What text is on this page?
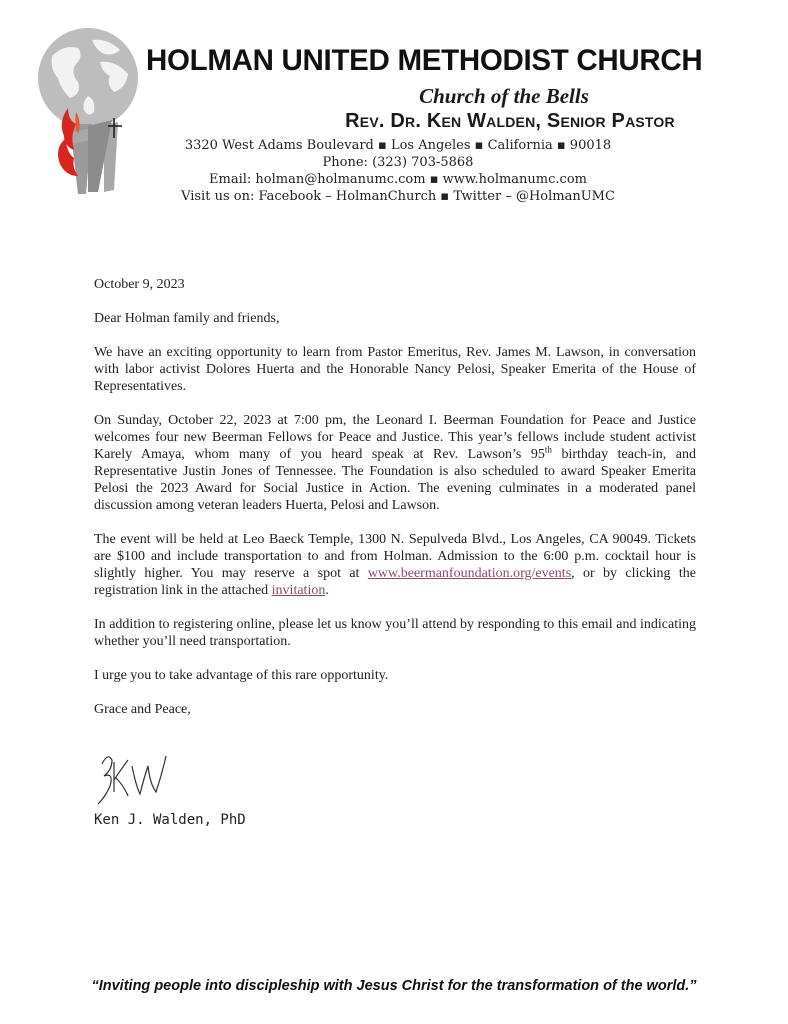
HOLMAN UNITED METHODIST CHURCH
Church of the Bells
Rev. Dr. Ken Walden, Senior Pastor
3320 West Adams Boulevard ▪ Los Angeles ▪ California ▪ 90018
Phone: (323) 703-5868
Email: holman@holmanumc.com ▪ www.holmanumc.com
Visit us on: Facebook – HolmanChurch ▪ Twitter – @HolmanUMC

October 9, 2023

Dear Holman family and friends,

We have an exciting opportunity to learn from Pastor Emeritus, Rev. James M. Lawson, in conversation with labor activist Dolores Huerta and the Honorable Nancy Pelosi, Speaker Emerita of the House of Representatives.

On Sunday, October 22, 2023 at 7:00 pm, the Leonard I. Beerman Foundation for Peace and Justice welcomes four new Beerman Fellows for Peace and Justice. This year’s fellows include student activist Karely Amaya, whom many of you heard speak at Rev. Lawson’s 95th birthday teach-in, and Representative Justin Jones of Tennessee. The Foundation is also scheduled to award Speaker Emerita Pelosi the 2023 Award for Social Justice in Action. The evening culminates in a moderated panel discussion among veteran leaders Huerta, Pelosi and Lawson.

The event will be held at Leo Baeck Temple, 1300 N. Sepulveda Blvd., Los Angeles, CA 90049. Tickets are $100 and include transportation to and from Holman. Admission to the 6:00 p.m. cocktail hour is slightly higher. You may reserve a spot at www.beermanfoundation.org/events, or by clicking the registration link in the attached invitation.

In addition to registering online, please let us know you’ll attend by responding to this email and indicating whether you’ll need transportation.

I urge you to take advantage of this rare opportunity.

Grace and Peace,

Ken J. Walden, PhD
“Inviting people into discipleship with Jesus Christ for the transformation of the world.”
